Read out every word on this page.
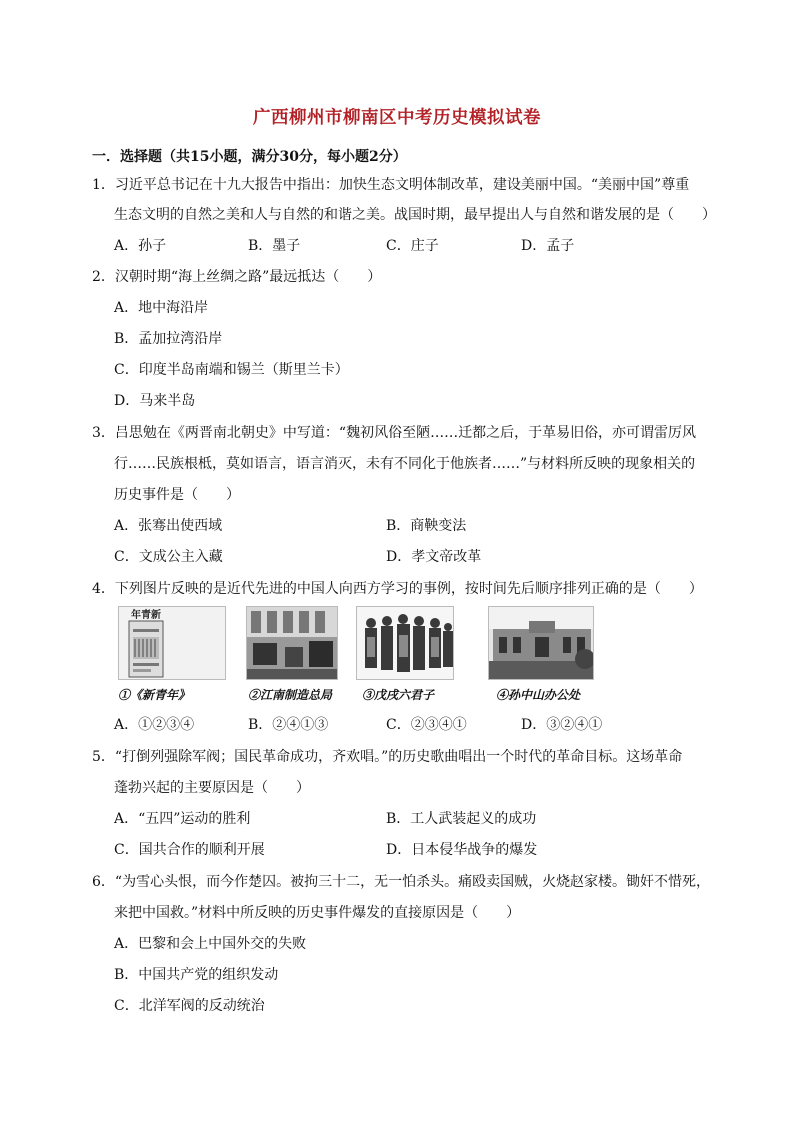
广西柳州市柳南区中考历史模拟试卷
一．选择题（共15小题，满分30分，每小题2分）
1．习近平总书记在十九大报告中指出：加快生态文明体制改革，建设美丽中国。“美丽中国”尊重
生态文明的自然之美和人与自然的和谐之美。战国时期，最早提出人与自然和谐发展的是（　　）
A．孙子	B．墨子	C．庄子	D．孟子
2．汉朝时期“海上丝绸之路”最远抵达（　　）
A．地中海沿岸
B．孟加拉湾沿岸
C．印度半岛南端和锡兰（斯里兰卡）
D．马来半岛
3．吕思勉在《两晋南北朝史》中写道：“魏初风俗至陋……迁都之后，于革易旧俗，亦可谓雷厉风
行……民族根柢，莫如语言，语言消灭，未有不同化于他族者……”与材料所反映的现象相关的
历史事件是（　　）
A．张骞出使西域	B．商鞅变法
C．文成公主入藏	D．孝文帝改革
4．下列图片反映的是近代先进的中国人向西方学习的事例，按时间先后顺序排列正确的是（　　）
年青新
①《新青年》	②江南制造总局 ③戊戌六君子	④孙中山办公处
A．①②③④	B．②④①③	C．②③④①	D．③②④①
5．“打倒列强除军阀；国民革命成功，齐欢唱。”的历史歌曲唱出一个时代的革命目标。这场革命
蓬勃兴起的主要原因是（　　）
A．“五四”运动的胜利	B．工人武装起义的成功
C．国共合作的顺利开展	D．日本侵华战争的爆发
6．“为雪心头恨，而今作楚囚。被拘三十二，无一怕杀头。痛殴卖国贼，火烧赵家楼。锄奸不惜死，
来把中国救。”材料中所反映的历史事件爆发的直接原因是（　　）
A．巴黎和会上中国外交的失败
B．中国共产党的组织发动
C．北洋军阀的反动统治
